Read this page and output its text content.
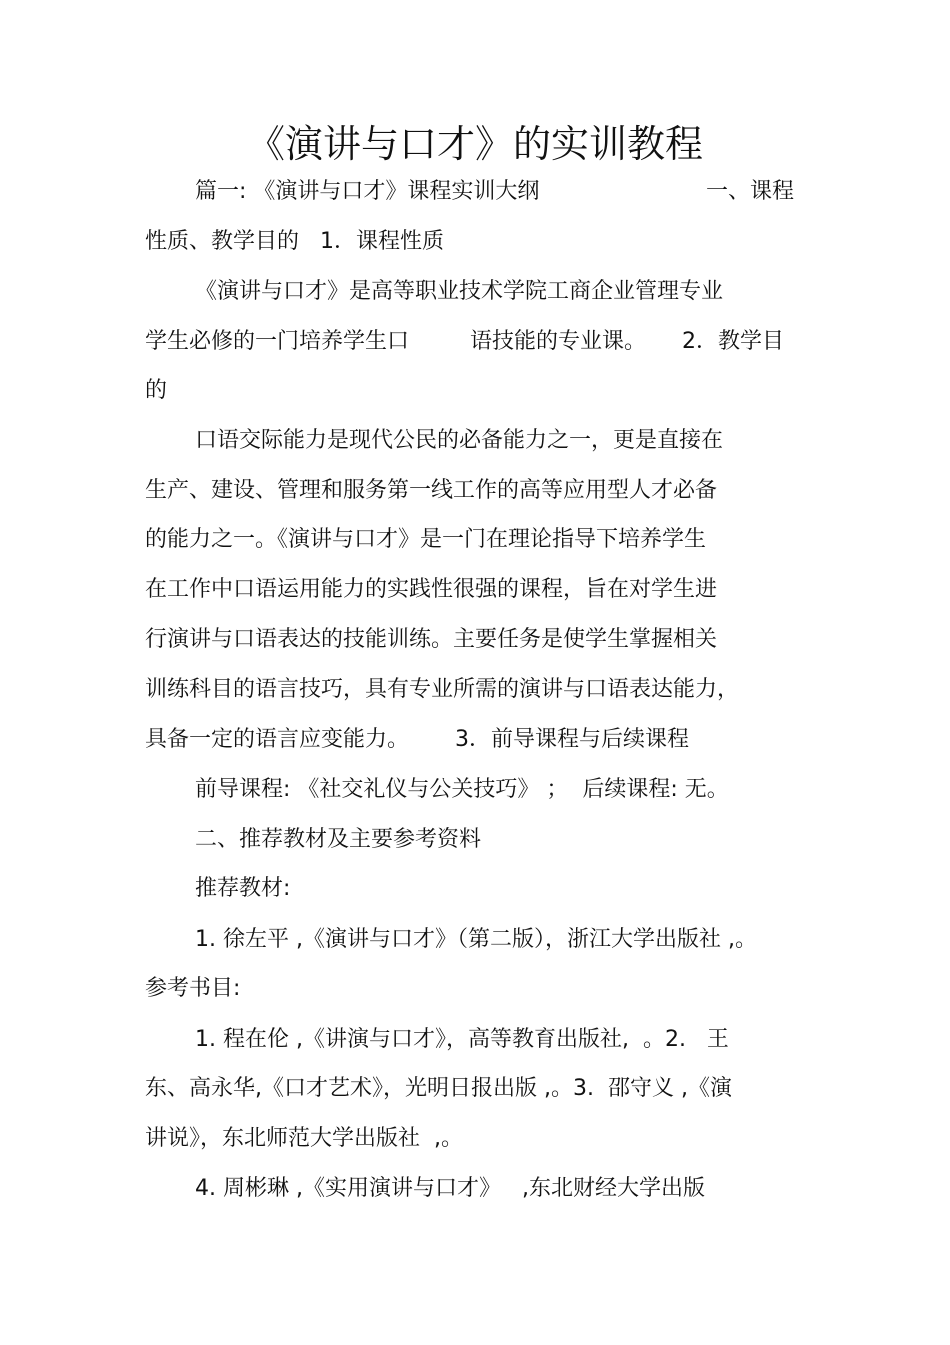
《演讲与口才》的实训教程
篇一: 《演讲与口才》课程实训大纲	一、课程
性质、教学目的   1．课程性质
《演讲与口才》是高等职业技术学院工商企业管理专业
学生必修的一门培养学生口	语技能的专业课。 2．教学目
的
口语交际能力是现代公民的必备能力之一，更是直接在
生产、建设、管理和服务第一线工作的高等应用型人才必备
的能力之一。《演讲与口才》是一门在理论指导下培养学生
在工作中口语运用能力的实践性很强的课程，旨在对学生进
行演讲与口语表达的技能训练。主要任务是使学生掌握相关
训练科目的语言技巧，具有专业所需的演讲与口语表达能力，
具备一定的语言应变能力。 3．前导课程与后续课程
前导课程: 《社交礼仪与公关技巧》 ；  后续课程: 无。
二、推荐教材及主要参考资料
推荐教材:
1. 徐左平 ,《演讲与口才》（第二版），浙江大学出版社 ,。
参考书目:
1. 程在伦 ,《讲演与口才》，高等教育出版社,  。2.   王
东、高永华,《口才艺术》，光明日报出版 ,。3.  邵守义 ,《演
讲说》，东北师范大学出版社  ,。
4. 周彬琳 ,《实用演讲与口才》   ,东北财经大学出版
